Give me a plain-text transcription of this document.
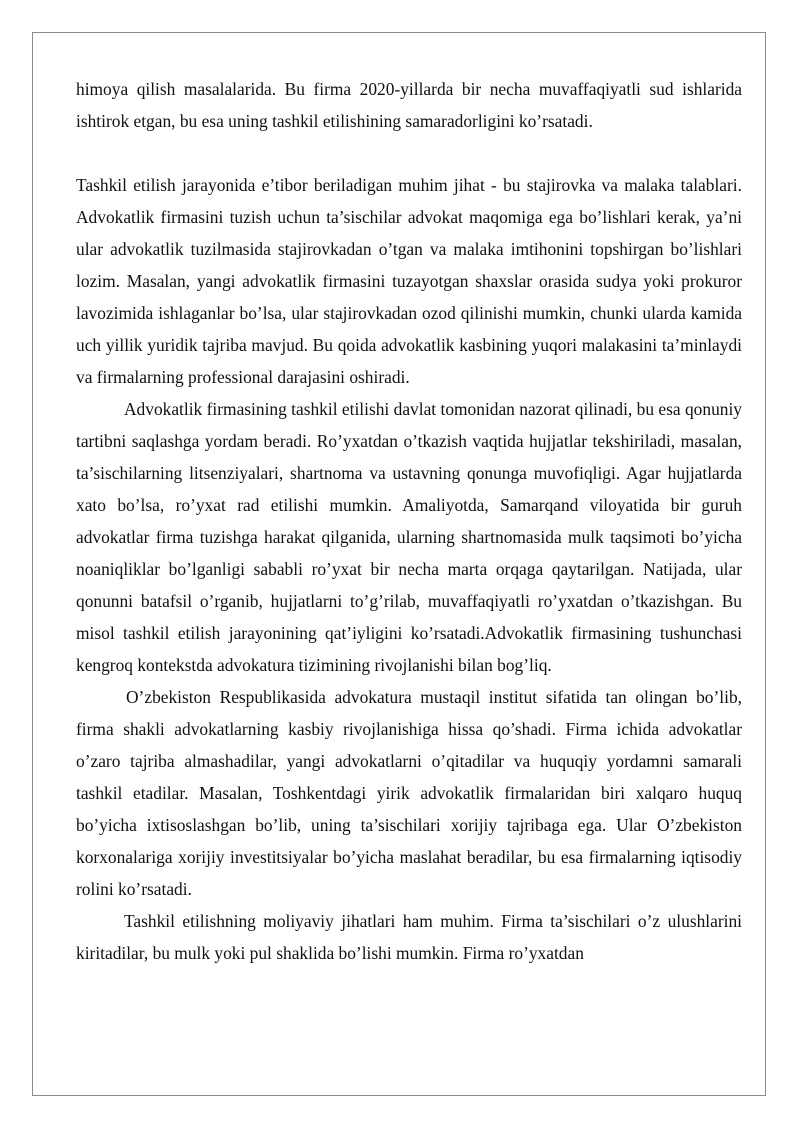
himoya qilish masalalarida. Bu firma 2020-yillarda bir necha muvaffaqiyatli sud ishlarida ishtirok etgan, bu esa uning tashkil etilishining samaradorligini ko’rsatadi.

Tashkil etilish jarayonida e’tibor beriladigan muhim jihat - bu stajirovka va malaka talablari. Advokatlik firmasini tuzish uchun ta’sischilar advokat maqomiga ega bo’lishlari kerak, ya’ni ular advokatlik tuzilmasida stajirovkadan o’tgan va malaka imtihonini topshirgan bo’lishlari lozim. Masalan, yangi advokatlik firmasini tuzayotgan shaxslar orasida sudya yoki prokuror lavozimida ishlaganlar bo’lsa, ular stajirovkadan ozod qilinishi mumkin, chunki ularda kamida uch yillik yuridik tajriba mavjud. Bu qoida advokatlik kasbining yuqori malakasini ta’minlaydi va firmalarning professional darajasini oshiradi.

Advokatlik firmasining tashkil etilishi davlat tomonidan nazorat qilinadi, bu esa qonuniy tartibni saqlashga yordam beradi. Ro’yxatdan o’tkazish vaqtida hujjatlar tekshiriladi, masalan, ta’sischilarning litsenziyalari, shartnoma va ustavning qonunga muvofiqligi. Agar hujjatlarda xato bo’lsa, ro’yxat rad etilishi mumkin. Amaliyotda, Samarqand viloyatida bir guruh advokatlar firma tuzishga harakat qilganida, ularning shartnomasida mulk taqsimoti bo’yicha noaniqliklar bo’lganligi sababli ro’yxat bir necha marta orqaga qaytarilgan. Natijada, ular qonunni batafsil o’rganib, hujjatlarni to’g’rilab, muvaffaqiyatli ro’yxatdan o’tkazishgan. Bu misol tashkil etilish jarayonining qat’iyligini ko’rsatadi.Advokatlik firmasining tushunchasi kengroq kontekstda advokatura tizimining rivojlanishi bilan bog’liq.

O’zbekiston Respublikasida advokatura mustaqil institut sifatida tan olingan bo’lib, firma shakli advokatlarning kasbiy rivojlanishiga hissa qo’shadi. Firma ichida advokatlar o’zaro tajriba almashadilar, yangi advokatlarni o’qitadilar va huquqiy yordamni samarali tashkil etadilar. Masalan, Toshkentdagi yirik advokatlik firmalaridan biri xalqaro huquq bo’yicha ixtisoslashgan bo’lib, uning ta’sischilari xorijiy tajribaga ega. Ular O’zbekiston korxonalariga xorijiy investitsiyalar bo’yicha maslahat beradilar, bu esa firmalarning iqtisodiy rolini ko’rsatadi.

Tashkil etilishning moliyaviy jihatlari ham muhim. Firma ta’sischilari o’z ulushlarini kiritadilar, bu mulk yoki pul shaklida bo’lishi mumkin. Firma ro’yxatdan
